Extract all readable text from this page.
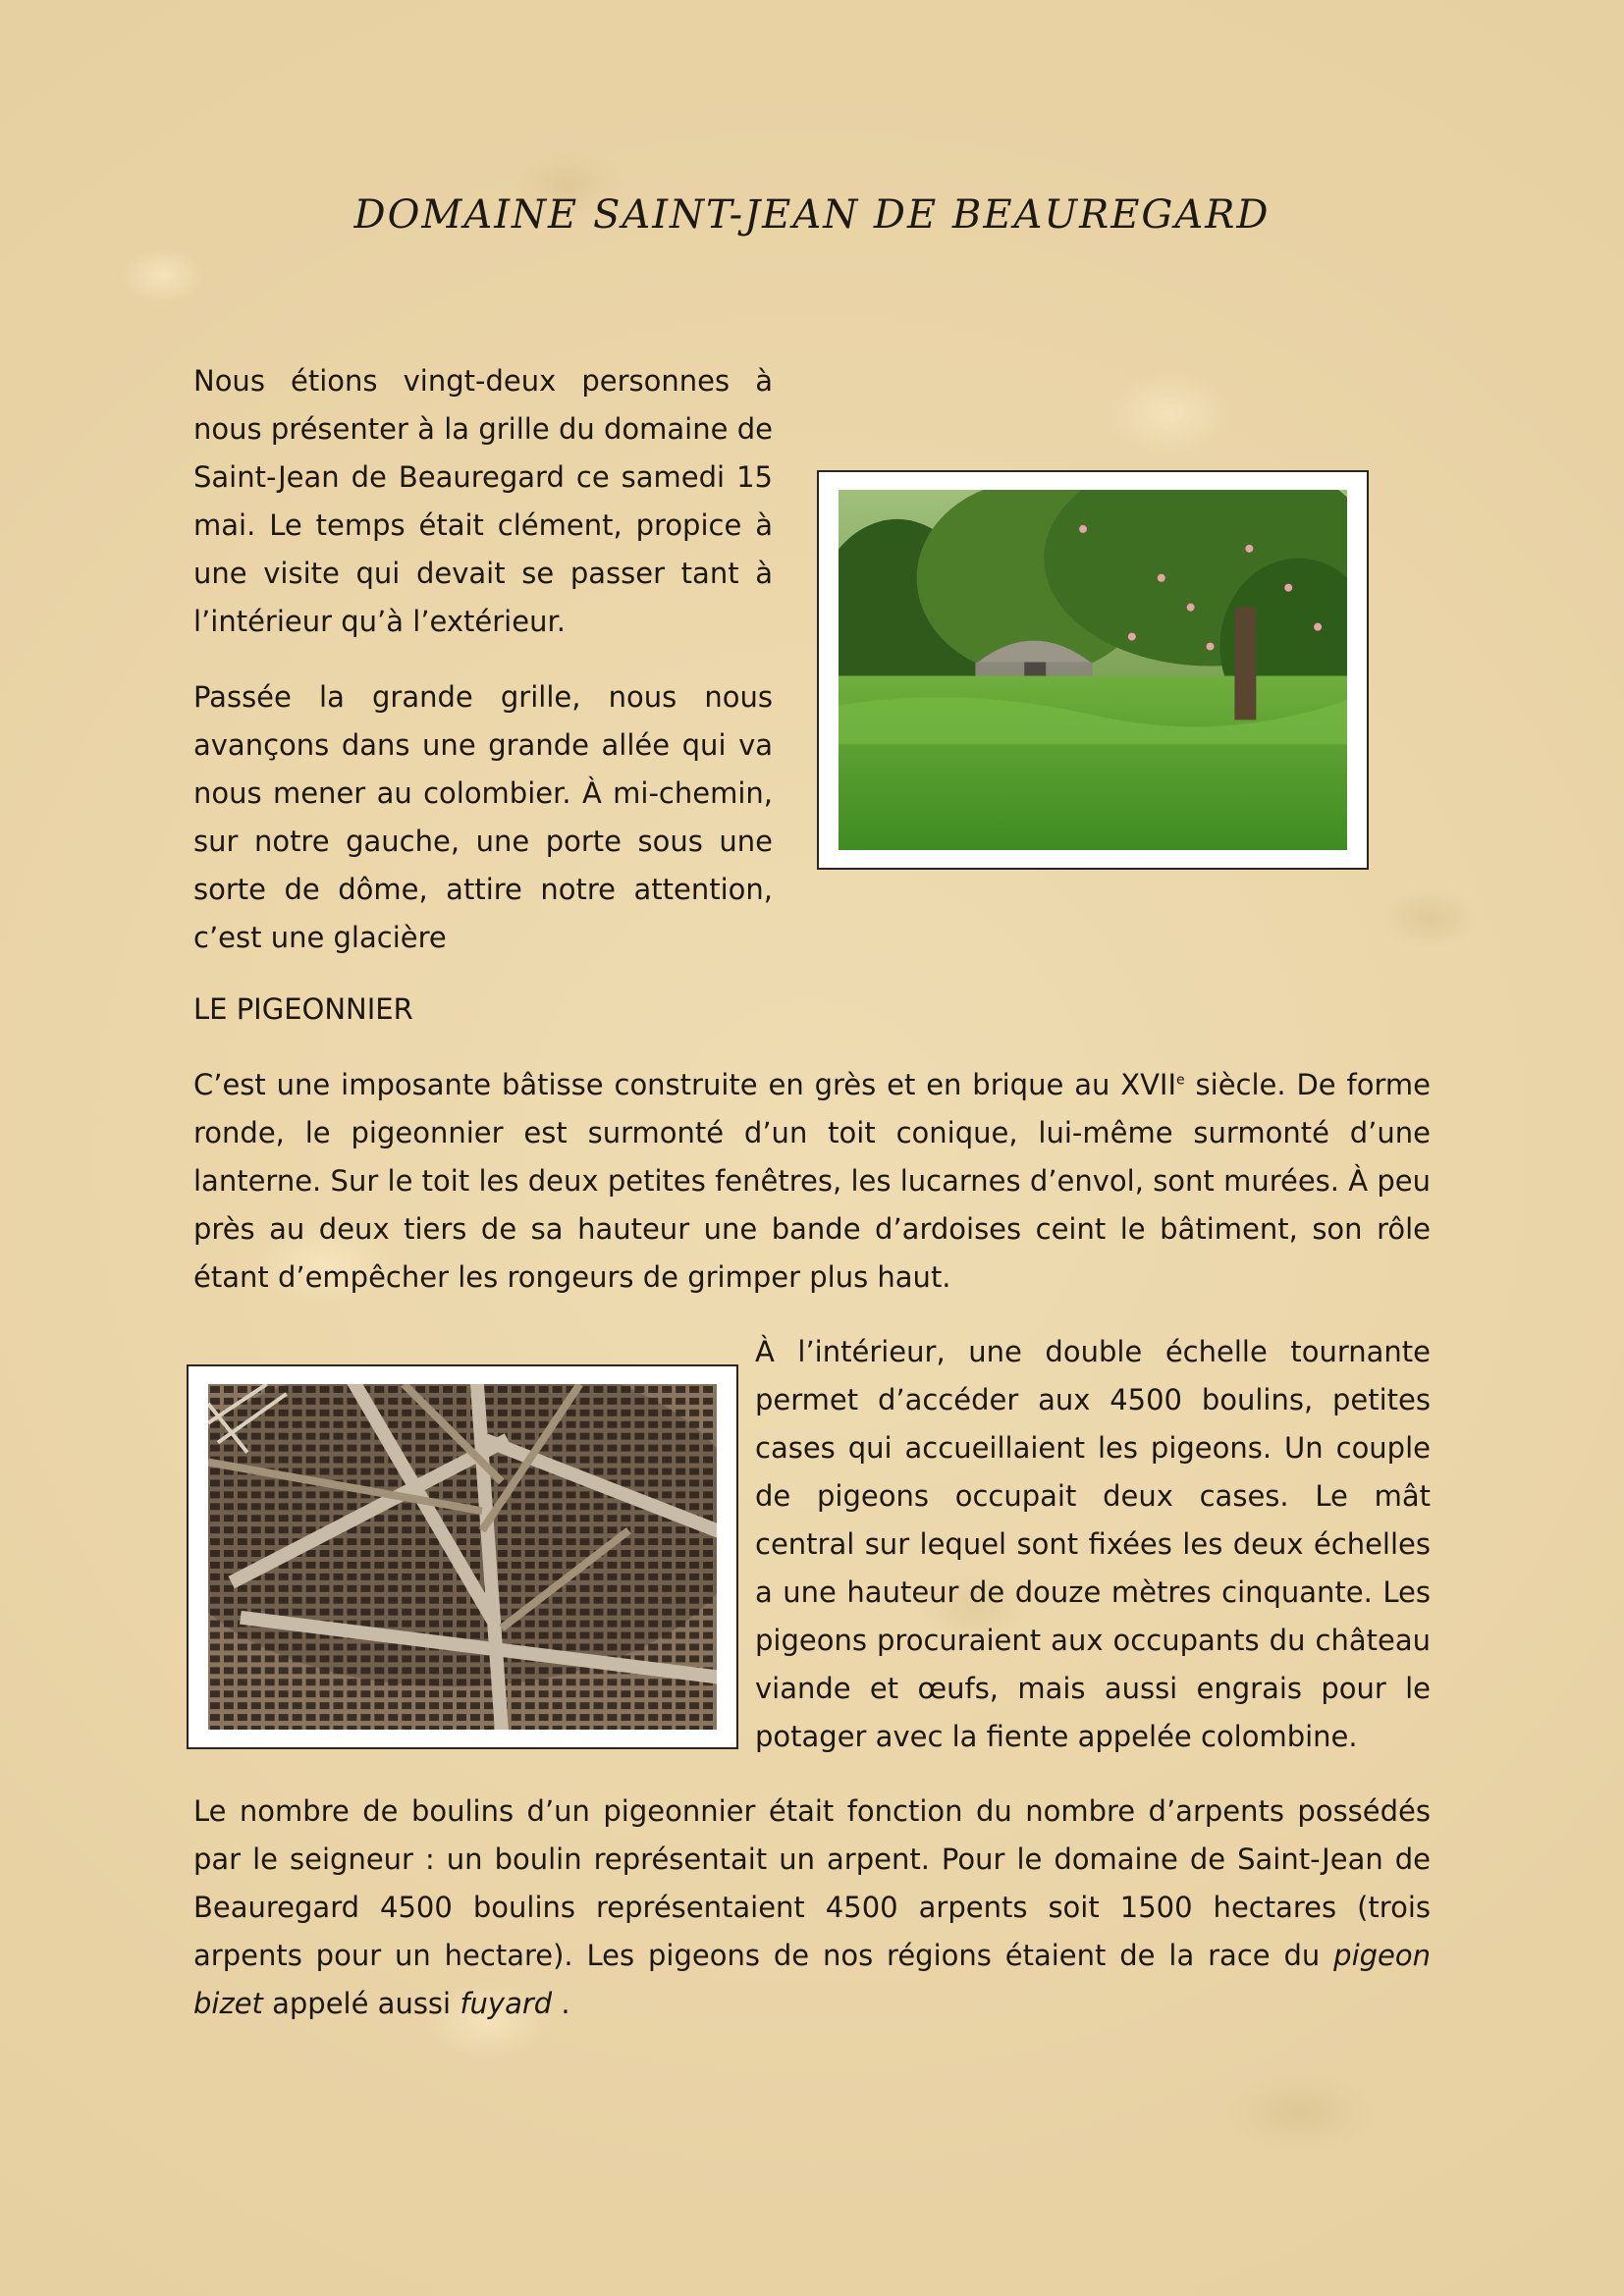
DOMAINE SAINT-JEAN DE BEAUREGARD

Nous étions vingt-deux personnes à nous présenter à la grille du domaine de Saint-Jean de Beauregard ce samedi 15 mai. Le temps était clément, propice à une visite qui devait se passer tant à l’intérieur qu’à l’extérieur.

Passée la grande grille, nous nous avançons dans une grande allée qui va nous mener au colombier. À mi-chemin, sur notre gauche, une porte sous une sorte de dôme, attire notre attention, c’est une glacière

LE PIGEONNIER

C’est une imposante bâtisse construite en grès et en brique au XVIIe siècle. De forme ronde, le pigeonnier est surmonté d’un toit conique, lui-même surmonté d’une lanterne. Sur le toit les deux petites fenêtres, les lucarnes d’envol, sont murées. À peu près au deux tiers de sa hauteur une bande d’ardoises ceint le bâtiment, son rôle étant d’empêcher les rongeurs de grimper plus haut.

À l’intérieur, une double échelle tournante permet d’accéder aux 4500 boulins, petites cases qui accueillaient les pigeons. Un couple de pigeons occupait deux cases. Le mât central sur lequel sont fixées les deux échelles a une hauteur de douze mètres cinquante. Les pigeons procuraient aux occupants du château viande et œufs, mais aussi engrais pour le potager avec la fiente appelée colombine.

Le nombre de boulins d’un pigeonnier était fonction du nombre d’arpents possédés par le seigneur : un boulin représentait un arpent. Pour le domaine de Saint-Jean de Beauregard 4500 boulins représentaient 4500 arpents soit 1500 hectares (trois arpents pour un hectare). Les pigeons de nos régions étaient de la race du pigeon bizet appelé aussi fuyard .
